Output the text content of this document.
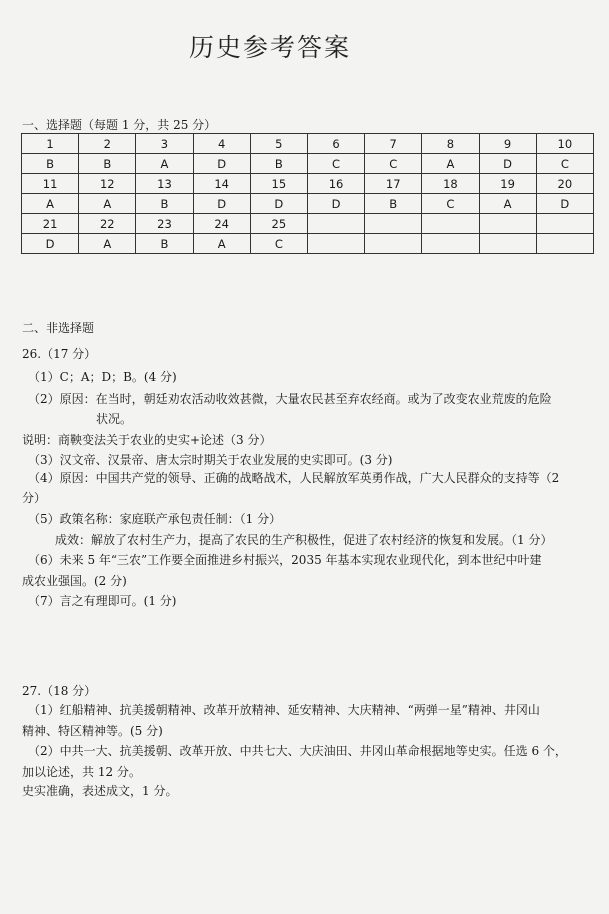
历史参考答案
一、选择题（每题 1 分，共 25 分）
1	2	3	4	5	6	7	8	9	10
B	B	A	D	B	C	C	A	D	C
11	12	13	14	15	16	17	18	19	20
A	A	B	D	D	D	B	C	A	D
21	22	23	24	25					
D	A	B	A	C					
二、非选择题
26.（17 分）
（1）C；A；D；B。(4 分)
（2）原因：在当时，朝廷劝农活动收效甚微，大量农民甚至弃农经商。或为了改变农业荒废的危险
状况。
说明：商鞅变法关于农业的史实+论述（3 分）
（3）汉文帝、汉景帝、唐太宗时期关于农业发展的史实即可。(3 分)
（4）原因：中国共产党的领导、正确的战略战术，人民解放军英勇作战，广大人民群众的支持等（2
分）
（5）政策名称：家庭联产承包责任制：（1 分）
成效：解放了农村生产力，提高了农民的生产积极性，促进了农村经济的恢复和发展。（1 分）
（6）未来 5 年“三农”工作要全面推进乡村振兴，2035 年基本实现农业现代化，到本世纪中叶建
成农业强国。(2 分)
（7）言之有理即可。(1 分)
27.（18 分）
（1）红船精神、抗美援朝精神、改革开放精神、延安精神、大庆精神、“两弹一星”精神、井冈山
精神、特区精神等。(5 分)
（2）中共一大、抗美援朝、改革开放、中共七大、大庆油田、井冈山革命根据地等史实。任选 6 个，
加以论述，共 12 分。
史实准确，表述成文，1 分。
